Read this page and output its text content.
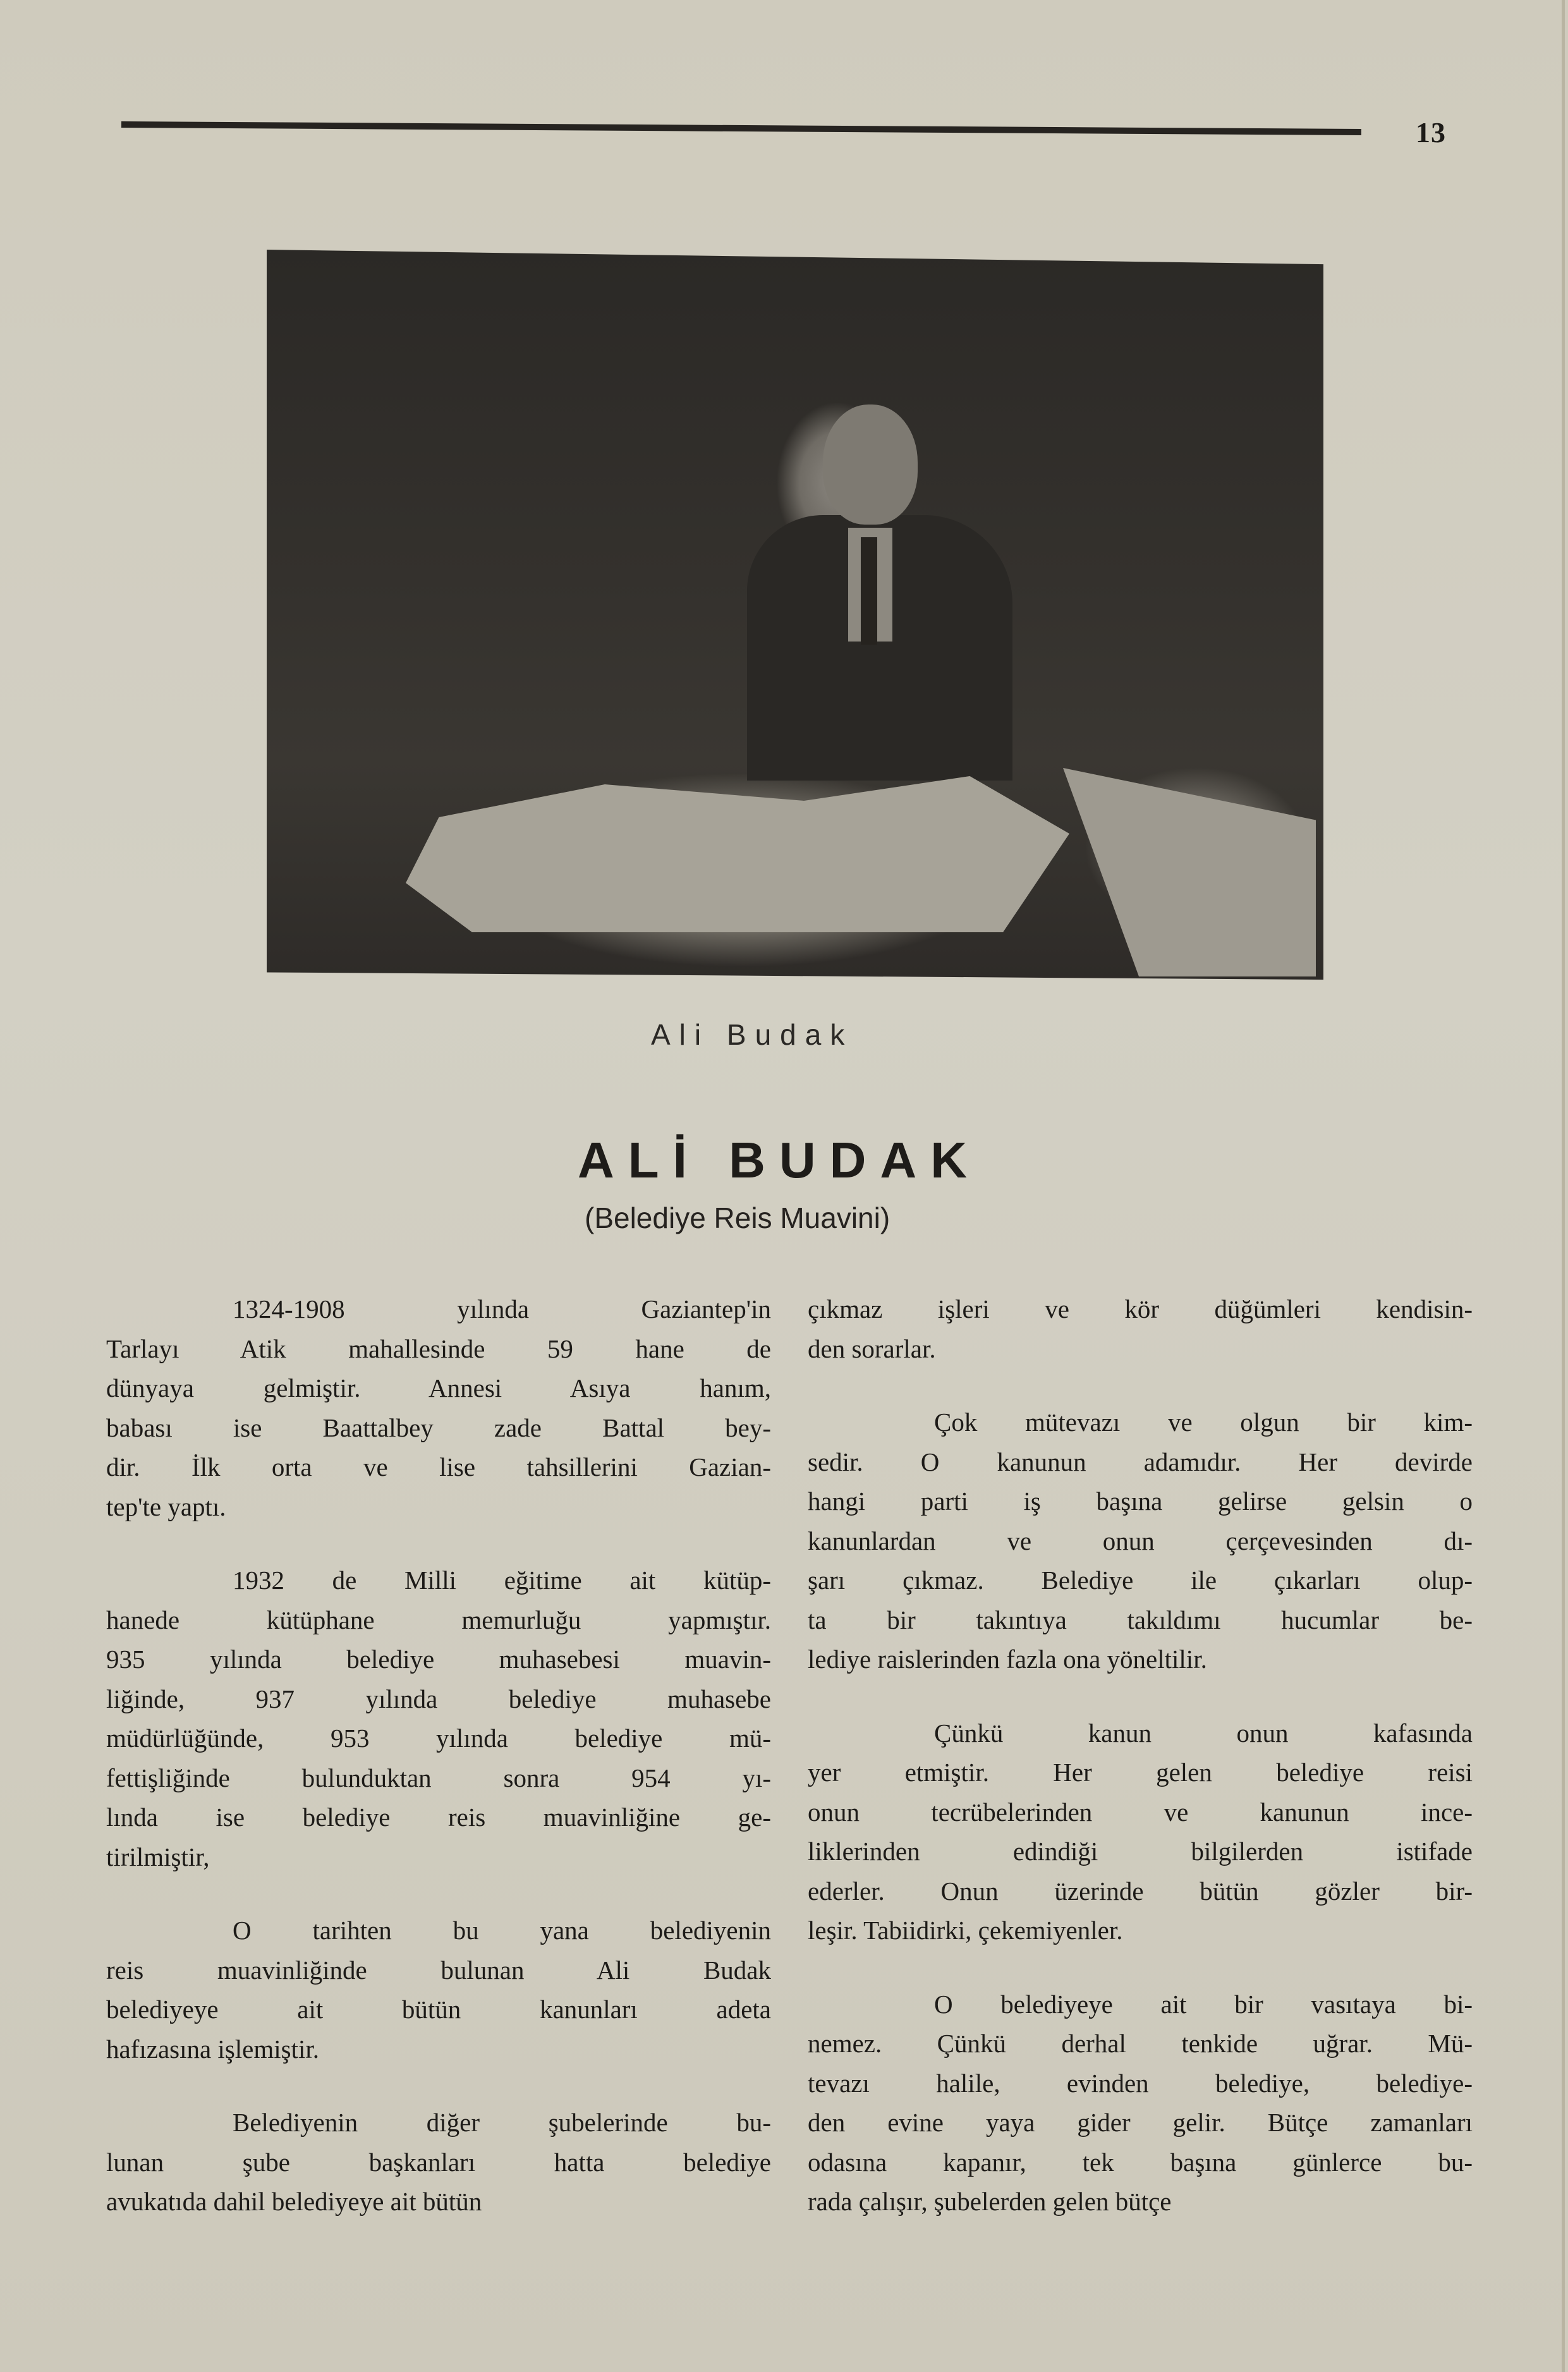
13
Ali Budak
ALİ BUDAK
(Belediye Reis Muavini)

1324-1908 yılında Gaziantep'in
Tarlayı Atik mahallesinde 59 hane de
dünyaya gelmiştir. Annesi Asıya hanım,
babası ise Baattalbey zade Battal bey-
dir. İlk orta ve lise tahsillerini Gazian-
tep'te yaptı.

1932 de Milli eğitime ait kütüp-
hanede kütüphane memurluğu yapmıştır.
935 yılında belediye muhasebesi muavin-
liğinde, 937 yılında belediye muhasebe
müdürlüğünde, 953 yılında belediye mü-
fettişliğinde bulunduktan sonra 954 yı-
lında ise belediye reis muavinliğine ge-
tirilmiştir,

O tarihten bu yana belediyenin
reis muavinliğinde bulunan Ali Budak
belediyeye ait bütün kanunları adeta
hafızasına işlemiştir.

Belediyenin diğer şubelerinde bu-
lunan şube başkanları hatta belediye
avukatıda dahil belediyeye ait bütün

çıkmaz işleri ve kör düğümleri kendisin-
den sorarlar.

Çok mütevazı ve olgun bir kim-
sedir. O kanunun adamıdır. Her devirde
hangi parti iş başına gelirse gelsin o
kanunlardan ve onun çerçevesinden dı-
şarı çıkmaz. Belediye ile çıkarları olup-
ta bir takıntıya takıldımı hucumlar be-
lediye raislerinden fazla ona yöneltilir.

Çünkü kanun onun kafasında
yer etmiştir. Her gelen belediye reisi
onun tecrübelerinden ve kanunun ince-
liklerinden edindiği bilgilerden istifade
ederler. Onun üzerinde bütün gözler bir-
leşir. Tabiidirki, çekemiyenler.

O belediyeye ait bir vasıtaya bi-
nemez. Çünkü derhal tenkide uğrar. Mü-
tevazı halile, evinden belediye, belediye-
den evine yaya gider gelir. Bütçe zamanları
odasına kapanır, tek başına günlerce bu-
rada çalışır, şubelerden gelen bütçe
